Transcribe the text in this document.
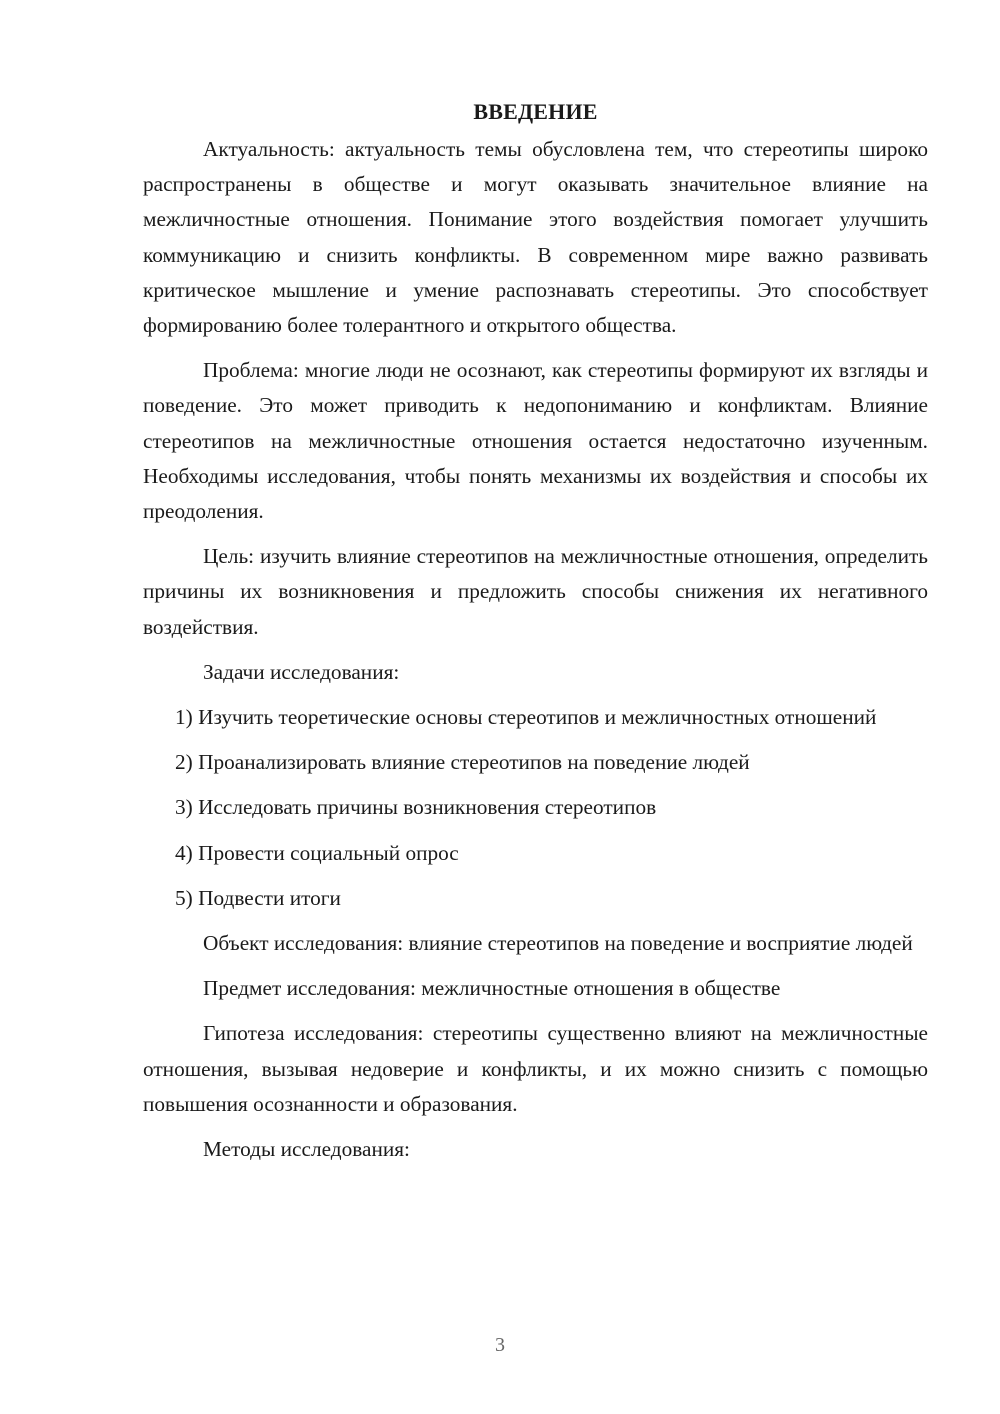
ВВЕДЕНИЕ

Актуальность: актуальность темы обусловлена тем, что стереотипы широко распространены в обществе и могут оказывать значительное влияние на межличностные отношения. Понимание этого воздействия помогает улучшить коммуникацию и снизить конфликты. В современном мире важно развивать критическое мышление и умение распознавать стереотипы. Это способствует формированию более толерантного и открытого общества.

Проблема: многие люди не осознают, как стереотипы формируют их взгляды и поведение. Это может приводить к недопониманию и конфликтам. Влияние стереотипов на межличностные отношения остается недостаточно изученным. Необходимы исследования, чтобы понять механизмы их воздействия и способы их преодоления.

Цель: изучить влияние стереотипов на межличностные отношения, определить причины их возникновения и предложить способы снижения их негативного воздействия.

Задачи исследования:

1) Изучить теоретические основы стереотипов и межличностных отношений

2) Проанализировать влияние стереотипов на поведение людей

3) Исследовать причины возникновения стереотипов

4) Провести социальный опрос

5) Подвести итоги

Объект исследования: влияние стереотипов на поведение и восприятие людей

Предмет исследования: межличностные отношения в обществе

Гипотеза исследования: стереотипы существенно влияют на межличностные отношения, вызывая недоверие и конфликты, и их можно снизить с помощью повышения осознанности и образования.

Методы исследования:

3
